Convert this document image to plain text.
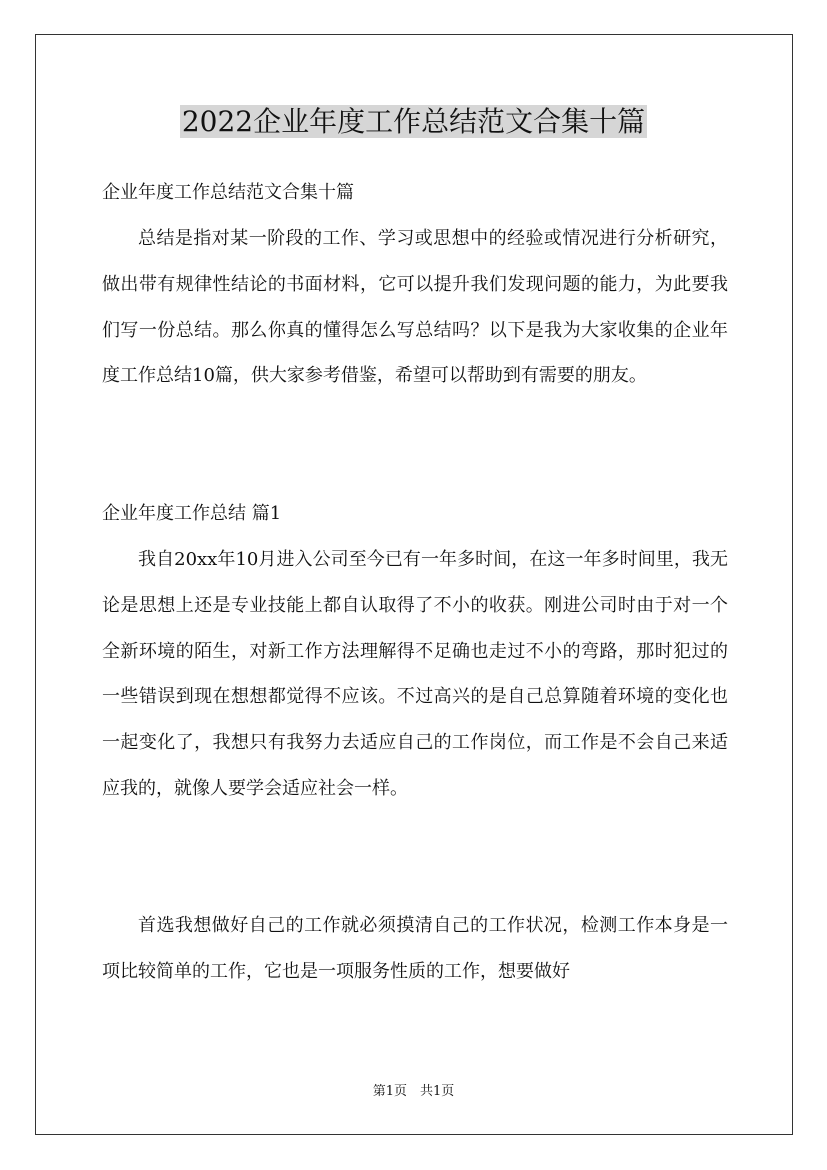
2022企业年度工作总结范文合集十篇

企业年度工作总结范文合集十篇

总结是指对某一阶段的工作、学习或思想中的经验或情况进行分析研究，做出带有规律性结论的书面材料，它可以提升我们发现问题的能力，为此要我们写一份总结。那么你真的懂得怎么写总结吗？以下是我为大家收集的企业年度工作总结10篇，供大家参考借鉴，希望可以帮助到有需要的朋友。

企业年度工作总结 篇1

我自20xx年10月进入公司至今已有一年多时间，在这一年多时间里，我无论是思想上还是专业技能上都自认取得了不小的收获。刚进公司时由于对一个全新环境的陌生，对新工作方法理解得不足确也走过不小的弯路，那时犯过的一些错误到现在想想都觉得不应该。不过高兴的是自己总算随着环境的变化也一起变化了，我想只有我努力去适应自己的工作岗位，而工作是不会自己来适应我的，就像人要学会适应社会一样。

首选我想做好自己的工作就必须摸清自己的工作状况，检测工作本身是一项比较简单的工作，它也是一项服务性质的工作，想要做好

第1页　共1页
